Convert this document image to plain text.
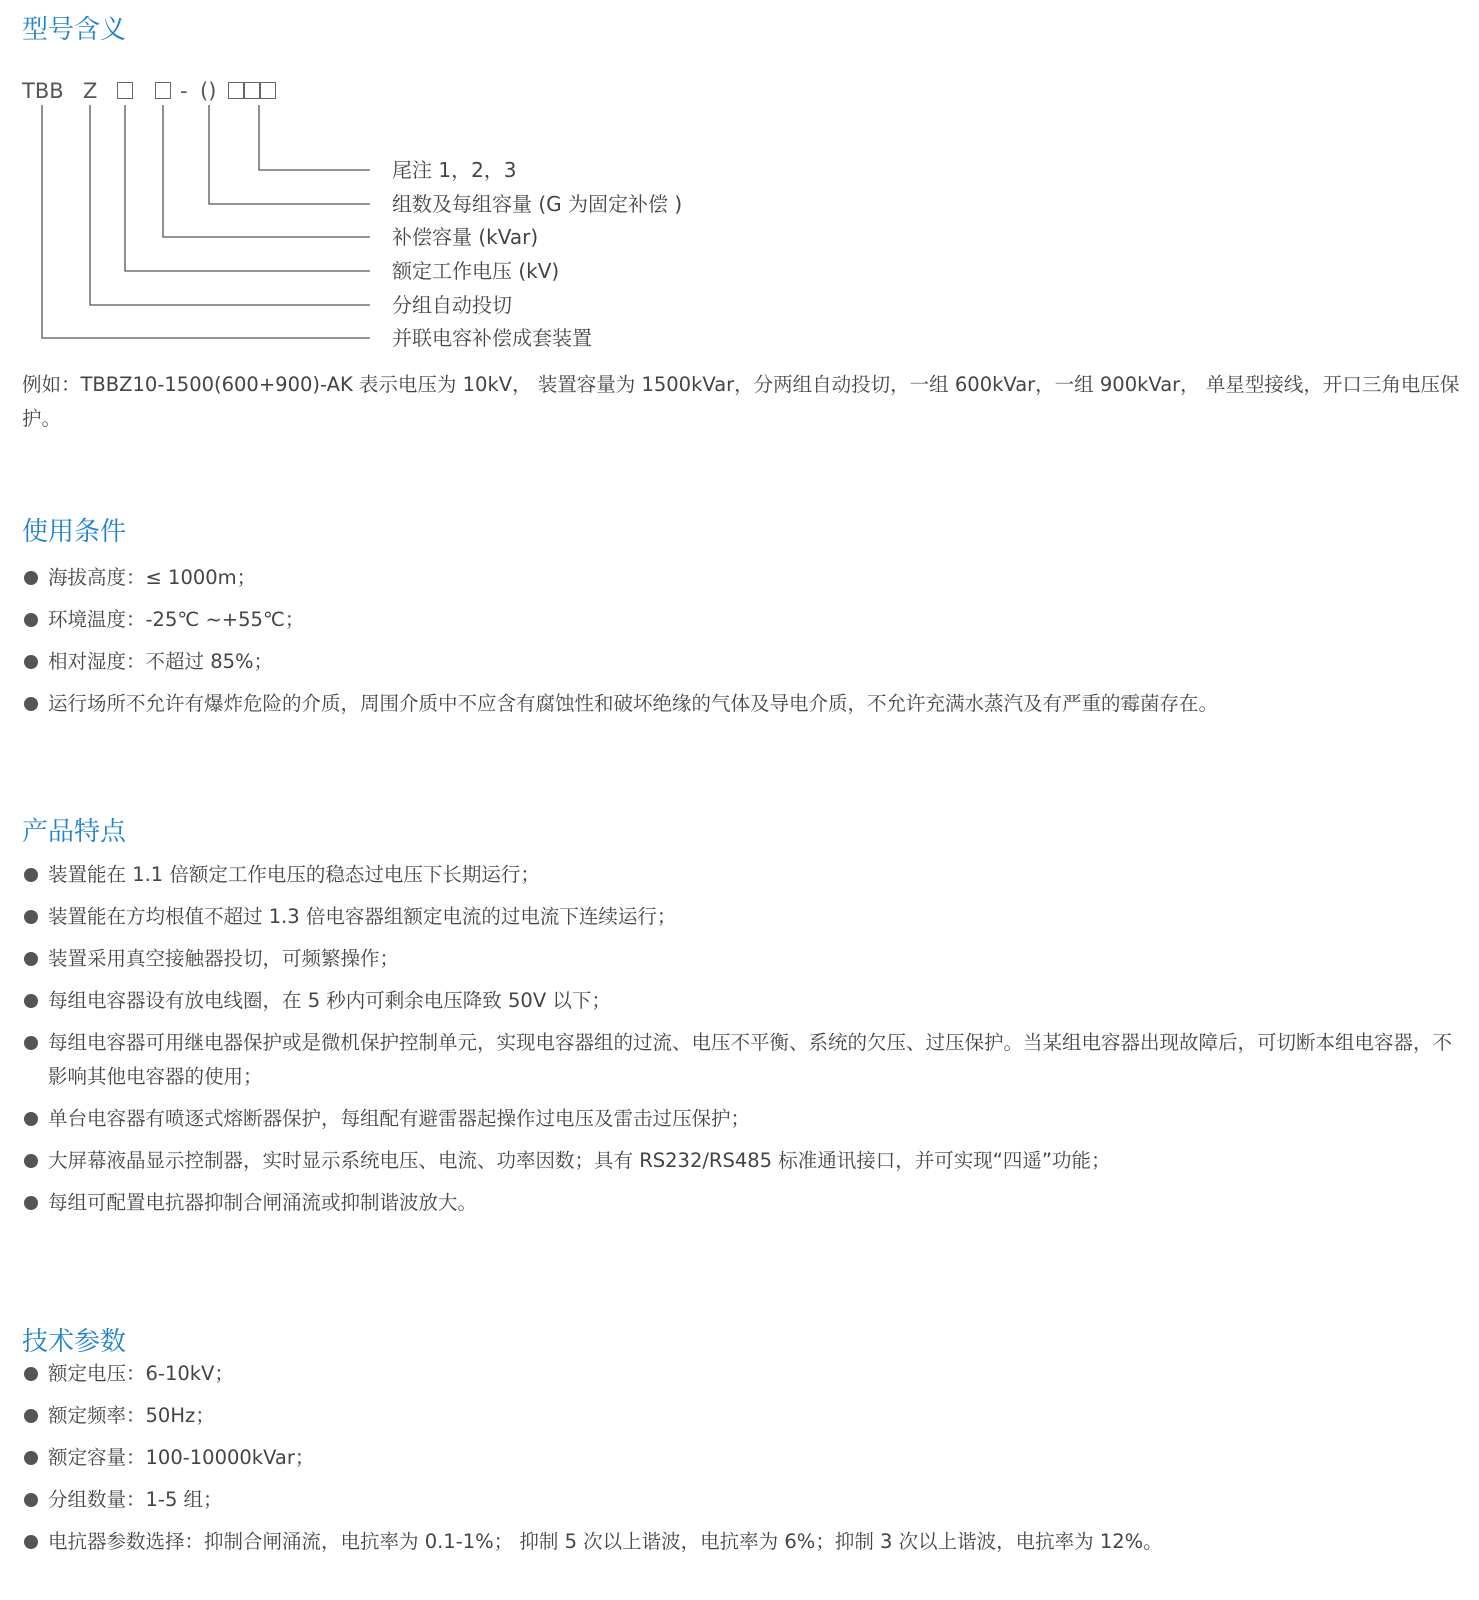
型号含义
TBB Z	- ()
尾注 1，2，3
组数及每组容量 (G 为固定补偿 )
补偿容量 (kVar)
额定工作电压 (kV)
分组自动投切
并联电容补偿成套装置

例如：TBBZ10-1500(600+900)-AK 表示电压为 10kV， 装置容量为 1500kVar，分两组自动投切，一组 600kVar，一组 900kVar， 单星型接线，开口三角电压保护。

使用条件
海拔高度：≤ 1000m；
环境温度：-25℃ ~+55℃；
相对湿度：不超过 85%；
运行场所不允许有爆炸危险的介质，周围介质中不应含有腐蚀性和破坏绝缘的气体及导电介质，不允许充满水蒸汽及有严重的霉菌存在。
产品特点
装置能在 1.1 倍额定工作电压的稳态过电压下长期运行；
装置能在方均根值不超过 1.3 倍电容器组额定电流的过电流下连续运行；
装置采用真空接触器投切，可频繁操作；
每组电容器设有放电线圈，在 5 秒内可剩余电压降致 50V 以下；
每组电容器可用继电器保护或是微机保护控制单元，实现电容器组的过流、电压不平衡、系统的欠压、过压保护。当某组电容器出现故障后，可切断本组电容器，不影响其他电容器的使用；
单台电容器有喷逐式熔断器保护，每组配有避雷器起操作过电压及雷击过压保护；
大屏幕液晶显示控制器，实时显示系统电压、电流、功率因数；具有 RS232/RS485 标准通讯接口，并可实现“四遥”功能；
每组可配置电抗器抑制合闸涌流或抑制谐波放大。
技术参数
额定电压：6-10kV；
额定频率：50Hz；
额定容量：100-10000kVar；
分组数量：1-5 组；
电抗器参数选择：抑制合闸涌流，电抗率为 0.1-1%； 抑制 5 次以上谐波，电抗率为 6%；抑制 3 次以上谐波，电抗率为 12%。
